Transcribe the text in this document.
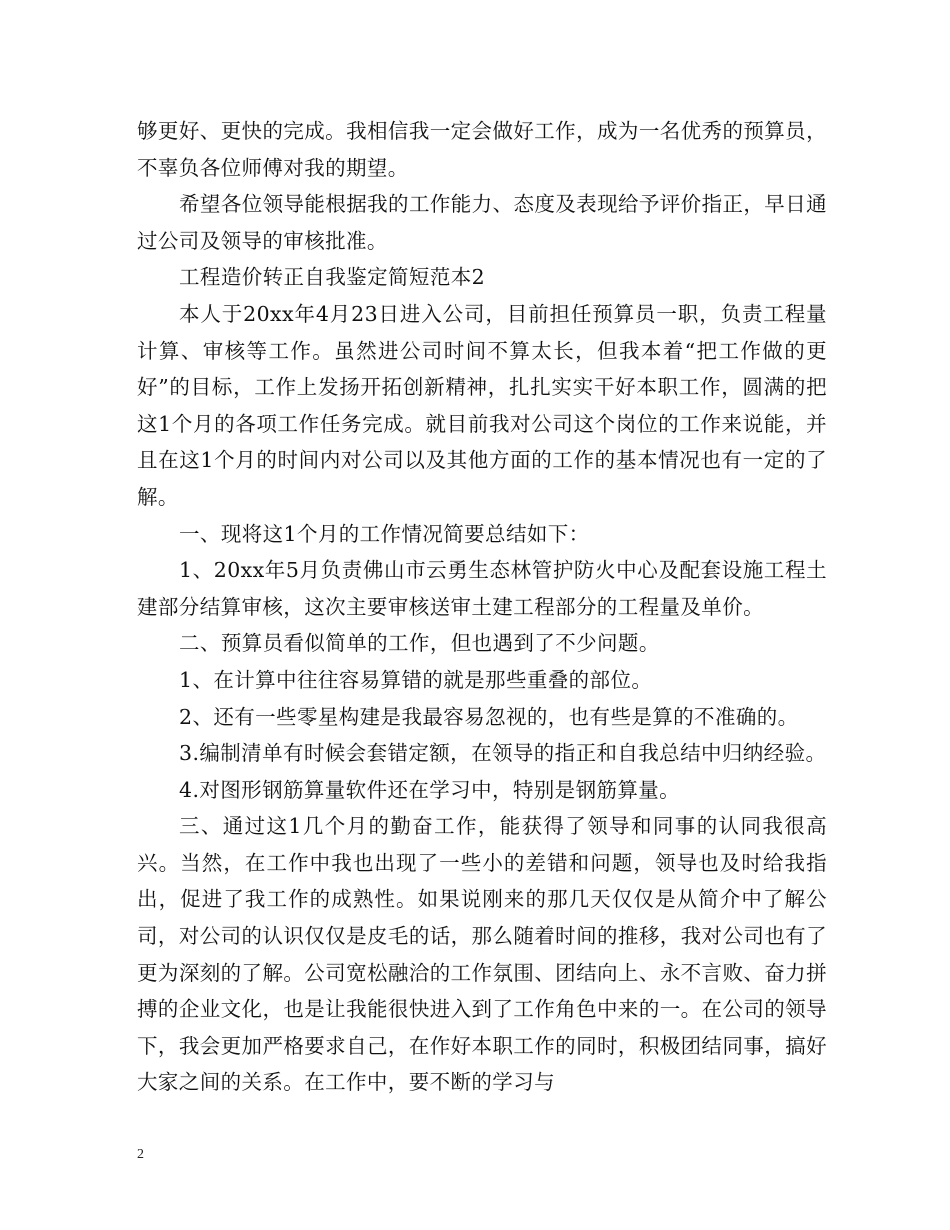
够更好、更快的完成。我相信我一定会做好工作，成为一名优秀的预算员，不辜负各位师傅对我的期望。

希望各位领导能根据我的工作能力、态度及表现给予评价指正，早日通过公司及领导的审核批准。

工程造价转正自我鉴定简短范本2

本人于20xx年4月23日进入公司，目前担任预算员一职，负责工程量计算、审核等工作。虽然进公司时间不算太长，但我本着“把工作做的更好”的目标，工作上发扬开拓创新精神，扎扎实实干好本职工作，圆满的把这1个月的各项工作任务完成。就目前我对公司这个岗位的工作来说能，并且在这1个月的时间内对公司以及其他方面的工作的基本情况也有一定的了解。

一、现将这1个月的工作情况简要总结如下：

1、20xx年5月负责佛山市云勇生态林管护防火中心及配套设施工程土建部分结算审核，这次主要审核送审土建工程部分的工程量及单价。

二、预算员看似简单的工作，但也遇到了不少问题。

1、在计算中往往容易算错的就是那些重叠的部位。

2、还有一些零星构建是我最容易忽视的，也有些是算的不准确的。

3.编制清单有时候会套错定额，在领导的指正和自我总结中归纳经验。

4.对图形钢筋算量软件还在学习中，特别是钢筋算量。

三、通过这1几个月的勤奋工作，能获得了领导和同事的认同我很高兴。当然，在工作中我也出现了一些小的差错和问题，领导也及时给我指出，促进了我工作的成熟性。如果说刚来的那几天仅仅是从简介中了解公司，对公司的认识仅仅是皮毛的话，那么随着时间的推移，我对公司也有了更为深刻的了解。公司宽松融洽的工作氛围、团结向上、永不言败、奋力拼搏的企业文化，也是让我能很快进入到了工作角色中来的一。在公司的领导下，我会更加严格要求自己，在作好本职工作的同时，积极团结同事，搞好大家之间的关系。在工作中，要不断的学习与

2
